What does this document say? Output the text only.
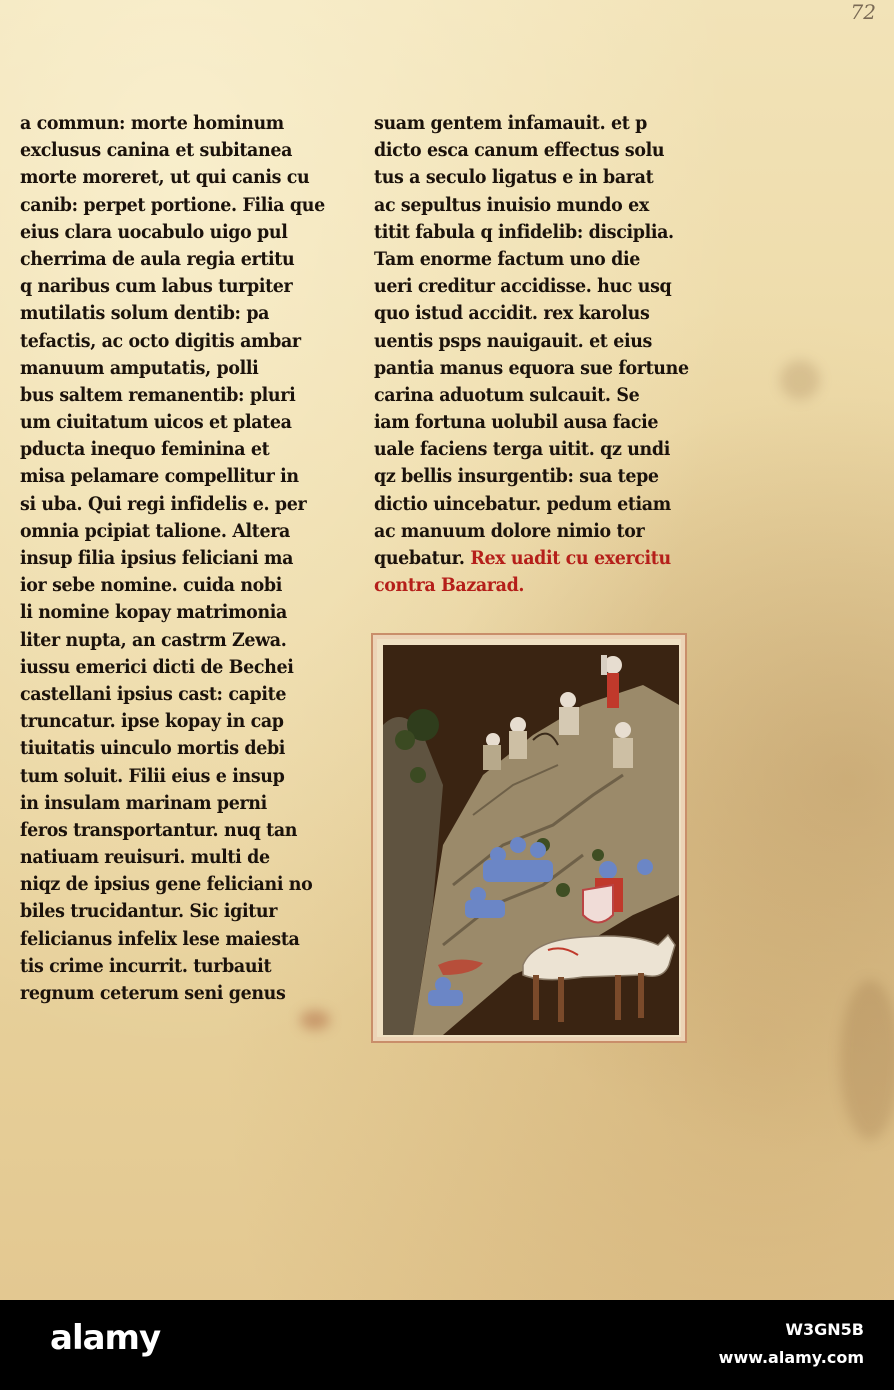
72
a commun: morte hominum
exclusus canina et subitanea
morte moreret, ut qui canis cu
canib: perpet portione. Filia que
eius clara uocabulo uigo pul
cherrima de aula regia ertitu
q naribus cum labus turpiter
mutilatis solum dentib: pa
tefactis, ac octo digitis ambar
manuum amputatis, polli
bus saltem remanentib: pluri
um ciuitatum uicos et platea
pducta inequo feminina et
misa pelamare compellitur in
si uba. Qui regi infidelis e. per
omnia pcipiat talione. Altera
insup filia ipsius feliciani ma
ior sebe nomine. cuida nobi
li nomine kopay matrimonia
liter nupta, an castrm Zewa.
iussu emerici dicti de Bechei
castellani ipsius cast: capite
truncatur. ipse kopay in cap
tiuitatis uinculo mortis debi
tum soluit. Filii eius e insup
in insulam marinam perni
feros transportantur. nuq tan
natiuam reuisuri. multi de
niqz de ipsius gene feliciani no
biles trucidantur. Sic igitur
felicianus infelix lese maiesta
tis crime incurrit. turbauit
regnum ceterum seni genus
suam gentem infamauit. et p
dicto esca canum effectus solu
tus a seculo ligatus e in barat
ac sepultus inuisio mundo ex
titit fabula q infidelib: disciplia.
Tam enorme factum uno die
ueri creditur accidisse. huc usq
quo istud accidit. rex karolus
uentis psps nauigauit. et eius
pantia manus equora sue fortune
carina aduotum sulcauit. Se
iam fortuna uolubil ausa facie
uale faciens terga uitit. qz undi
qz bellis insurgentib: sua tepe
dictio uincebatur. pedum etiam
ac manuum dolore nimio tor
quebatur. Rex uadit cu exercitu
contra Bazarad.
alamy	W3GN5B
www.alamy.com
